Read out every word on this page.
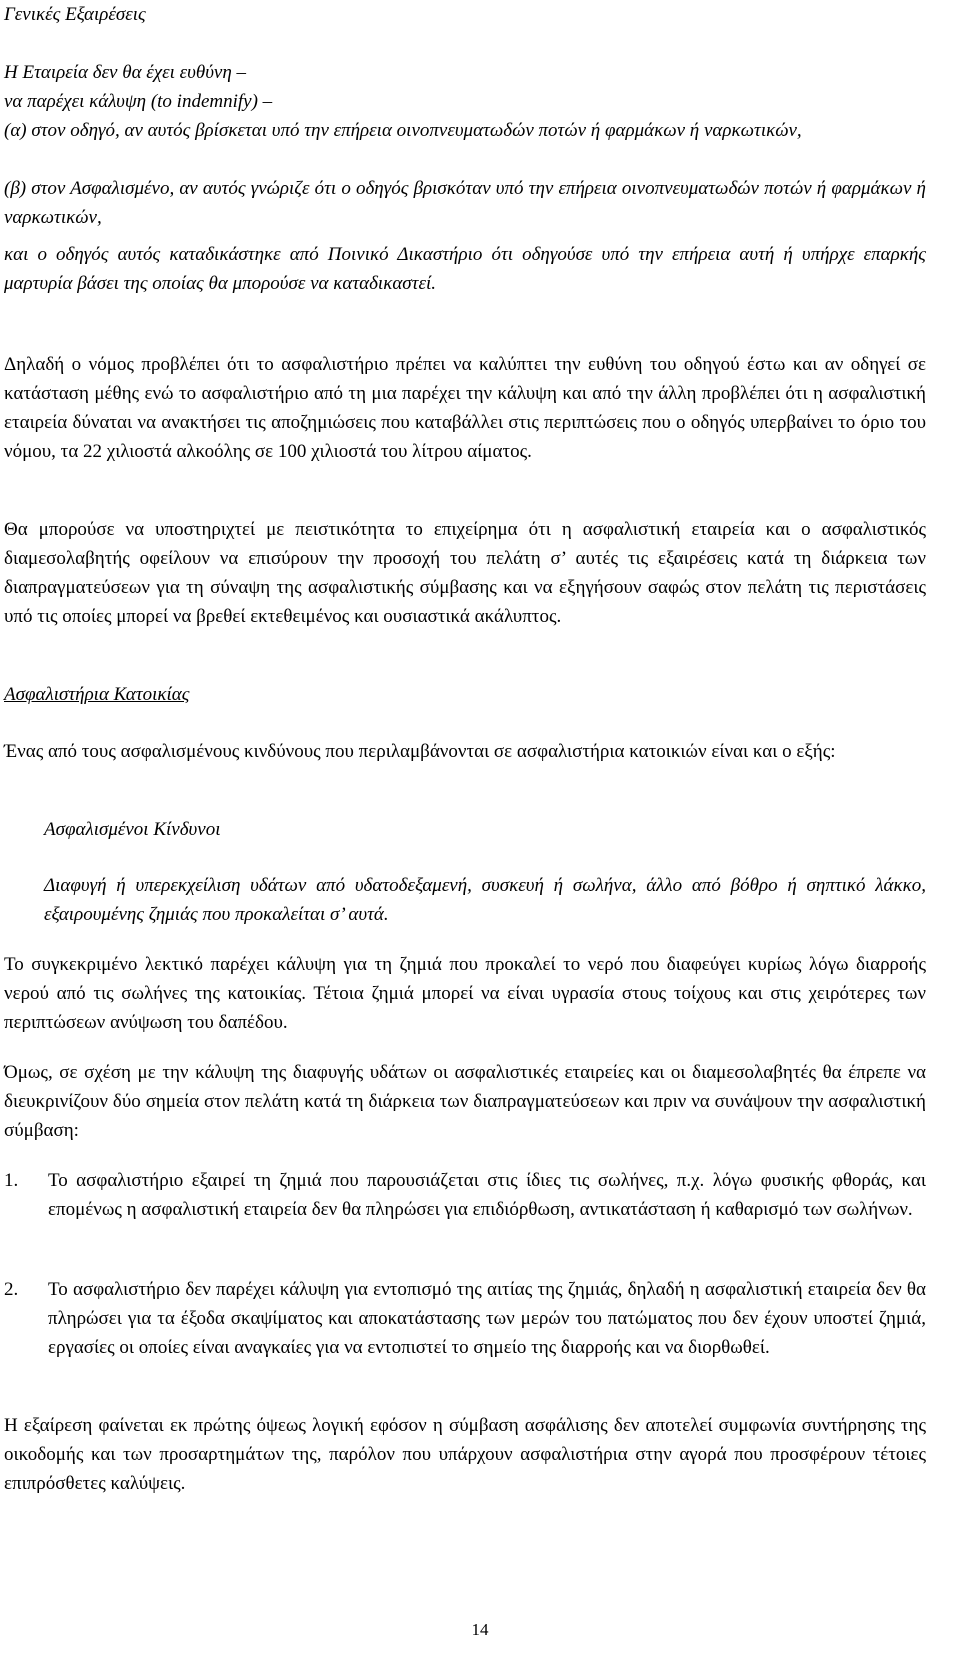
Γενικές Εξαιρέσεις

Η Εταιρεία δεν θα έχει ευθύνη –

να παρέχει κάλυψη (to indemnify) –

(α) στον οδηγό, αν αυτός βρίσκεται υπό την επήρεια οινοπνευματωδών ποτών ή φαρμάκων ή ναρκωτικών,

(β) στον Ασφαλισμένο, αν αυτός γνώριζε ότι ο οδηγός βρισκόταν υπό την επήρεια οινοπνευματωδών ποτών ή φαρμάκων ή ναρκωτικών,

και ο οδηγός αυτός καταδικάστηκε από Ποινικό Δικαστήριο ότι οδηγούσε υπό την επήρεια αυτή ή υπήρχε επαρκής μαρτυρία βάσει της οποίας θα μπορούσε να καταδικαστεί.

Δηλαδή ο νόμος προβλέπει ότι το ασφαλιστήριο πρέπει να καλύπτει την ευθύνη του οδηγού έστω και αν οδηγεί σε κατάσταση μέθης ενώ το ασφαλιστήριο από τη μια παρέχει την κάλυψη και από την άλλη προβλέπει ότι η ασφαλιστική εταιρεία δύναται να ανακτήσει τις αποζημιώσεις που καταβάλλει στις περιπτώσεις που ο οδηγός υπερβαίνει το όριο του νόμου, τα 22 χιλιοστά αλκοόλης σε 100 χιλιοστά του λίτρου αίματος.

Θα μπορούσε να υποστηριχτεί με πειστικότητα το επιχείρημα ότι η ασφαλιστική εταιρεία και ο ασφαλιστικός διαμεσολαβητής οφείλουν να επισύρουν την προσοχή του πελάτη σ’ αυτές τις εξαιρέσεις κατά τη διάρκεια των διαπραγματεύσεων για τη σύναψη της ασφαλιστικής σύμβασης και να εξηγήσουν σαφώς στον πελάτη τις περιστάσεις υπό τις οποίες μπορεί να βρεθεί εκτεθειμένος και ουσιαστικά ακάλυπτος.

Ασφαλιστήρια Κατοικίας

Ένας από τους ασφαλισμένους κινδύνους που περιλαμβάνονται σε ασφαλιστήρια κατοικιών είναι και ο εξής:

Ασφαλισμένοι Κίνδυνοι

Διαφυγή ή υπερεκχείλιση υδάτων από υδατοδεξαμενή, συσκευή ή σωλήνα, άλλο από βόθρο ή σηπτικό λάκκο, εξαιρουμένης ζημιάς που προκαλείται σ’ αυτά.

Το συγκεκριμένο λεκτικό παρέχει κάλυψη για τη ζημιά που προκαλεί το νερό που διαφεύγει κυρίως λόγω διαρροής νερού από τις σωλήνες της κατοικίας. Τέτοια ζημιά μπορεί να είναι υγρασία στους τοίχους και στις χειρότερες των περιπτώσεων ανύψωση του δαπέδου.

Όμως, σε σχέση με την κάλυψη της διαφυγής υδάτων οι ασφαλιστικές εταιρείες και οι διαμεσολαβητές θα έπρεπε να διευκρινίζουν δύο σημεία στον πελάτη κατά τη διάρκεια των διαπραγματεύσεων και πριν να συνάψουν την ασφαλιστική σύμβαση:

1. Το ασφαλιστήριο εξαιρεί τη ζημιά που παρουσιάζεται στις ίδιες τις σωλήνες, π.χ. λόγω φυσικής φθοράς, και επομένως η ασφαλιστική εταιρεία δεν θα πληρώσει για επιδιόρθωση, αντικατάσταση ή καθαρισμό των σωλήνων.
2. Το ασφαλιστήριο δεν παρέχει κάλυψη για εντοπισμό της αιτίας της ζημιάς, δηλαδή η ασφαλιστική εταιρεία δεν θα πληρώσει για τα έξοδα σκαψίματος και αποκατάστασης των μερών του πατώματος που δεν έχουν υποστεί ζημιά, εργασίες οι οποίες είναι αναγκαίες για να εντοπιστεί το σημείο της διαρροής και να διορθωθεί.

Η εξαίρεση φαίνεται εκ πρώτης όψεως λογική εφόσον η σύμβαση ασφάλισης δεν αποτελεί συμφωνία συντήρησης της οικοδομής και των προσαρτημάτων της, παρόλον που υπάρχουν ασφαλιστήρια στην αγορά που προσφέρουν τέτοιες επιπρόσθετες καλύψεις.

14
